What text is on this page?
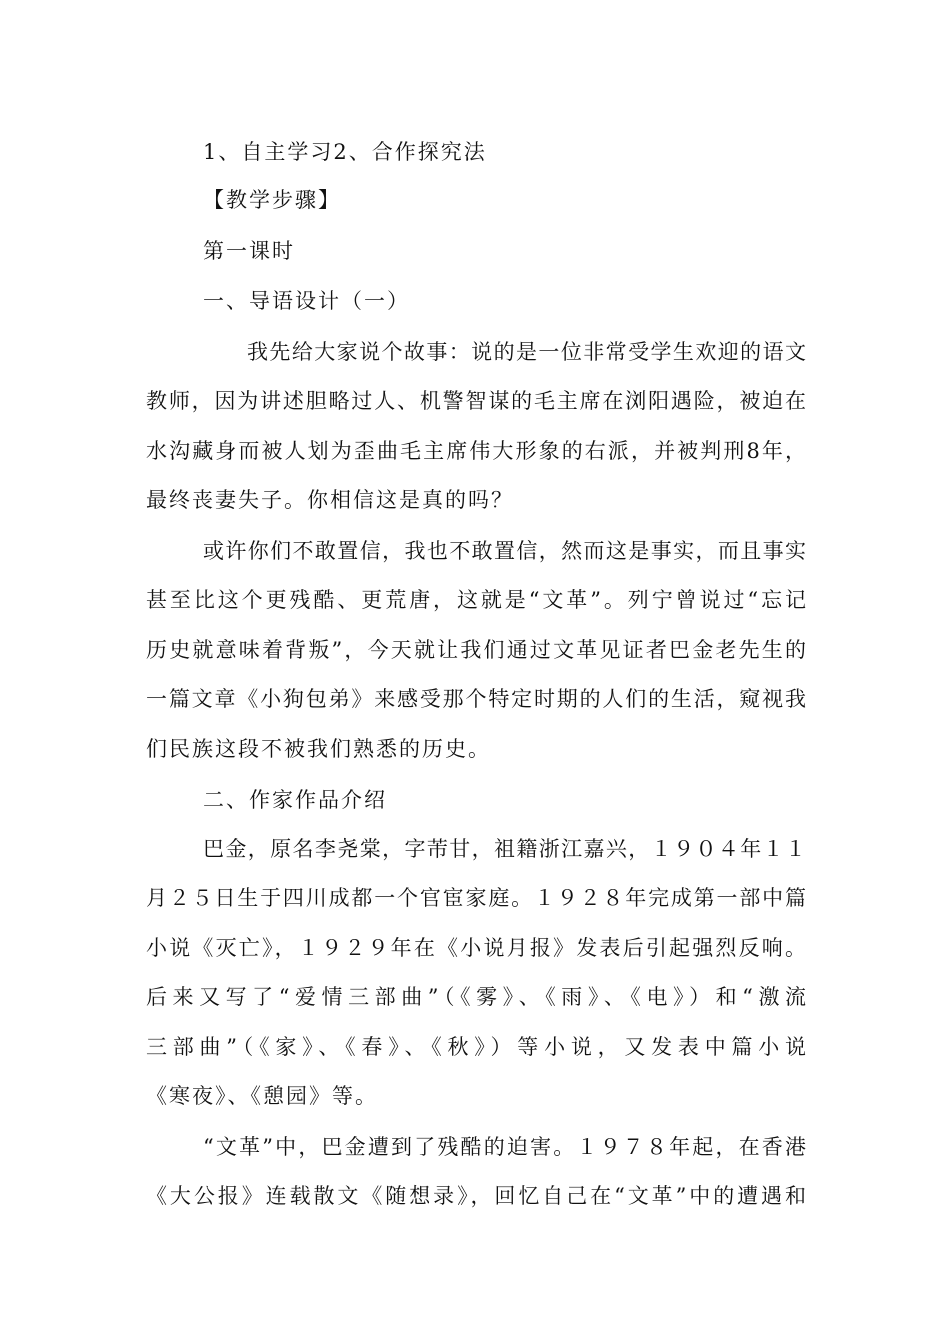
1、自主学习2、合作探究法
【教学步骤】
第一课时
一、导语设计（一）
我先给大家说个故事：说的是一位非常受学生欢迎的语文
教师，因为讲述胆略过人、机警智谋的毛主席在浏阳遇险，被迫在
水沟藏身而被人划为歪曲毛主席伟大形象的右派，并被判刑8年，
最终丧妻失子。你相信这是真的吗？
或许你们不敢置信，我也不敢置信，然而这是事实，而且事实
甚至比这个更残酷、更荒唐，这就是“文革”。列宁曾说过“忘记
历史就意味着背叛”，今天就让我们通过文革见证者巴金老先生的
一篇文章《小狗包弟》来感受那个特定时期的人们的生活，窥视我
们民族这段不被我们熟悉的历史。
二、作家作品介绍
巴金，原名李尧棠，字芾甘，祖籍浙江嘉兴，１９０４年１１
月２５日生于四川成都一个官宦家庭。１９２８年完成第一部中篇
小说《灭亡》，１９２９年在《小说月报》发表后引起强烈反响。
后来又写了“爱情三部曲”（《雾》、《雨》、《电》）和“激流
三部曲”（《家》、《春》、《秋》）等小说，又发表中篇小说
《寒夜》、《憩园》等。
“文革”中，巴金遭到了残酷的迫害。１９７８年起，在香港
《大公报》连载散文《随想录》，回忆自己在“文革”中的遭遇和
